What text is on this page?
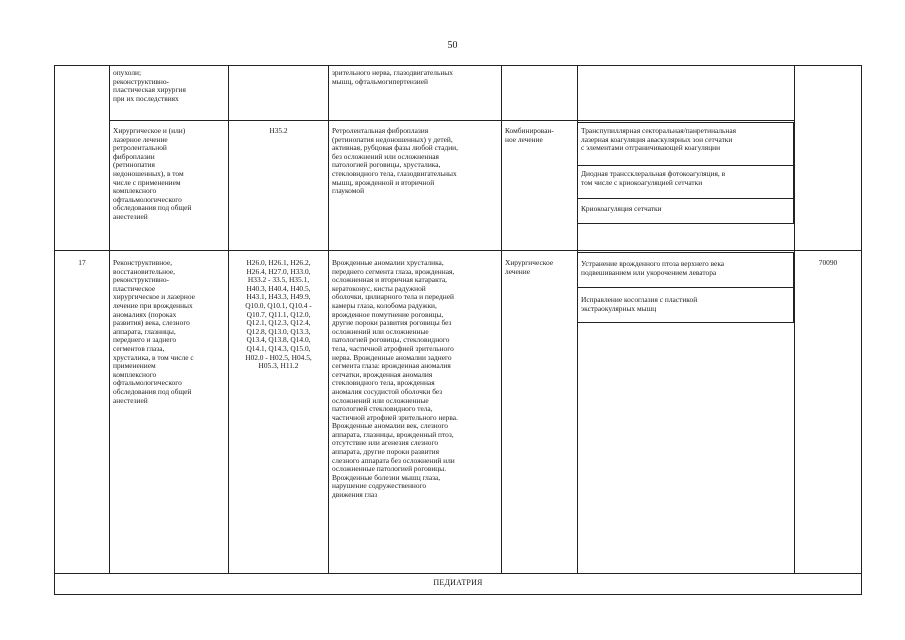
50
опухоли;
реконструктивно-
пластическая хирургия
при их последствиях
зрительного нерва, глазодвигательных
мышц, офтальмогипертензией
Хирургическое и (или)
лазерное лечение
ретролентальной
фиброплазии
(ретинопатия
недоношенных), в том
числе с применением
комплексного
офтальмологического
обследования под общей
анестезией
H35.2	Ретролентальная фиброплазия
(ретинопатия недоношенных) у детей,
активная, рубцовая фазы любой стадии,
без осложнений или осложненная
патологией роговицы, хрусталика,
стекловидного тела, глазодвигательных
мышц, врожденной и вторичной
глаукомой
Комбинирован-
ное лечение
Транспупиллярная секторальная/панретинальная
лазерная коагуляция аваскулярных зон сетчатки
с элементами отграничивающей коагуляции
Диодная транссклеральная фотокоагуляция, в
том числе с криокоагуляцией сетчатки
Криокоагуляция сетчатки
17	Реконструктивное,
восстановительное,
реконструктивно-
пластическое
хирургическое и лазерное
лечение при врожденных
аномалиях (пороках
развития) века, слезного
аппарата, глазницы,
переднего и заднего
сегментов глаза,
хрусталика, в том числе с
применением
комплексного
офтальмологического
обследования под общей
анестезией
H26.0, H26.1, H26.2,
H26.4, H27.0, H33.0,
H33.2 - 33.5, H35.1,
H40.3, H40.4, H40.5,
H43.1, H43.3, H49.9,
Q10.0, Q10.1, Q10.4 -
Q10.7, Q11.1, Q12.0,
Q12.1, Q12.3, Q12.4,
Q12.8, Q13.0, Q13.3,
Q13.4, Q13.8, Q14.0,
Q14.1, Q14.3, Q15.0,
H02.0 - H02.5, H04.5,
H05.3, H11.2
Врожденные аномалии хрусталика,
переднего сегмента глаза, врожденная,
осложненная и вторичная катаракта,
кератоконус, кисты радужной
оболочки, цилиарного тела и передней
камеры глаза, колобома радужки,
врожденное помутнение роговицы,
другие пороки развития роговицы без
осложнений или осложненные
патологией роговицы, стекловидного
тела, частичной атрофией зрительного
нерва. Врожденные аномалии заднего
сегмента глаза: врожденная аномалия
сетчатки, врожденная аномалия
стекловидного тела, врожденная
аномалия сосудистой оболочки без
осложнений или осложненные
патологией стекловидного тела,
частичной атрофией зрительного нерва.
Врожденные аномалии век, слезного
аппарата, глазницы, врожденный птоз,
отсутствие или агенезия слезного
аппарата, другие пороки развития
слезного аппарата без осложнений или
осложненные патологией роговицы.
Врожденные болезни мышц глаза,
нарушение содружественного
движения глаз
Хирургическое
лечение
Устранение врожденного птоза верхнего века
подвешиванием или укорочением леватора
Исправление косоглазия с пластикой
экстраокулярных мышц
70090
ПЕДИАТРИЯ
